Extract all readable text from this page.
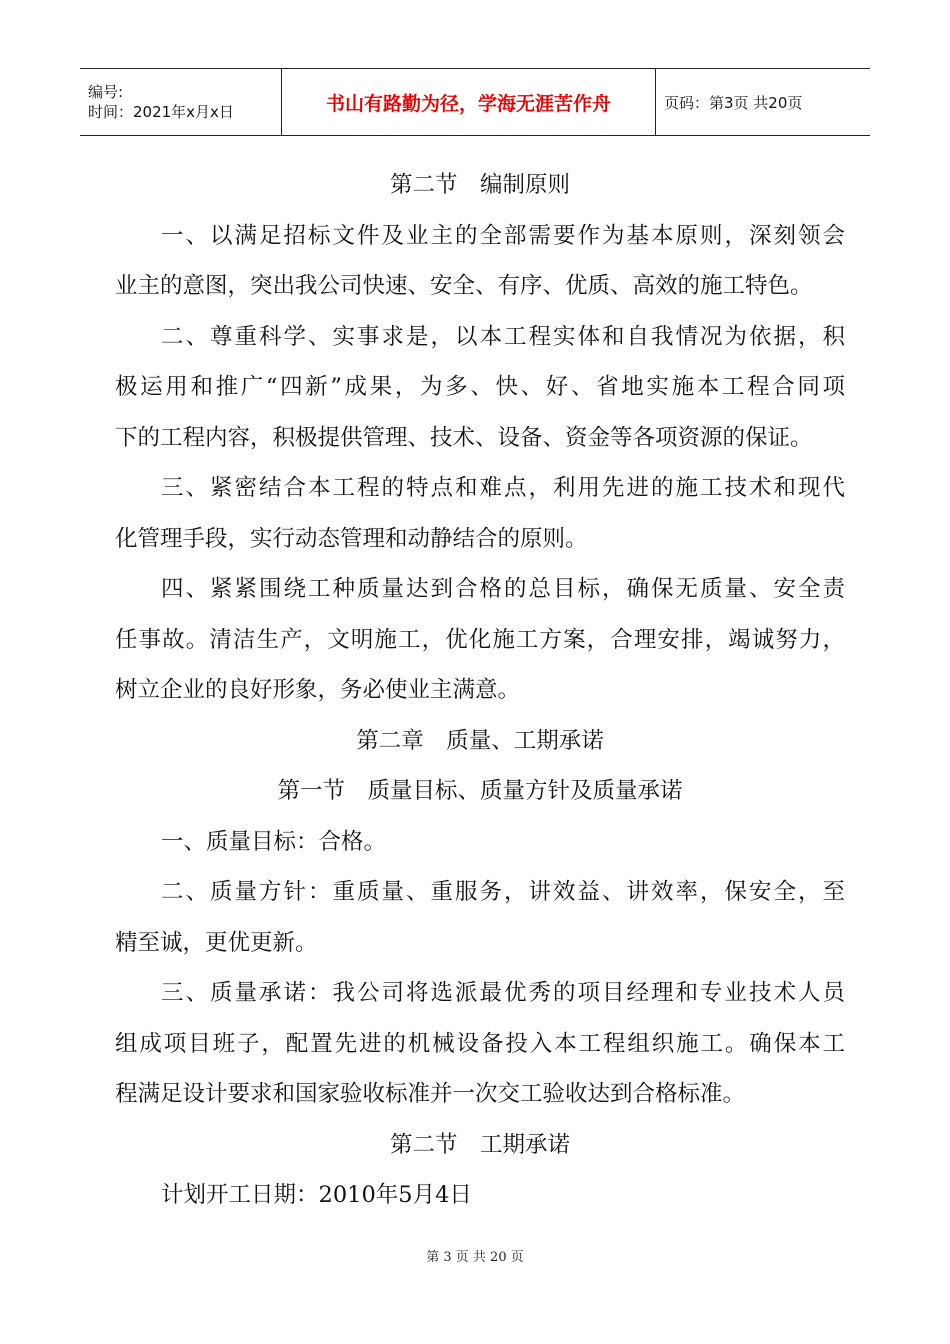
编号:
时间：2021年x月x日	书山有路勤为径，学海无涯苦作舟	页码：第3页 共20页
第二节　编制原则
一、以满足招标文件及业主的全部需要作为基本原则，深刻领会
业主的意图，突出我公司快速、安全、有序、优质、高效的施工特色。
二、尊重科学、实事求是，以本工程实体和自我情况为依据，积
极运用和推广“四新”成果，为多、快、好、省地实施本工程合同项
下的工程内容，积极提供管理、技术、设备、资金等各项资源的保证。
三、紧密结合本工程的特点和难点，利用先进的施工技术和现代
化管理手段，实行动态管理和动静结合的原则。
四、紧紧围绕工种质量达到合格的总目标，确保无质量、安全责
任事故。清洁生产，文明施工，优化施工方案，合理安排，竭诚努力，
树立企业的良好形象，务必使业主满意。
第二章　质量、工期承诺
第一节　质量目标、质量方针及质量承诺
一、质量目标：合格。
二、质量方针：重质量、重服务，讲效益、讲效率，保安全，至
精至诚，更优更新。
三、质量承诺：我公司将选派最优秀的项目经理和专业技术人员
组成项目班子，配置先进的机械设备投入本工程组织施工。确保本工
程满足设计要求和国家验收标准并一次交工验收达到合格标准。
第二节　工期承诺
计划开工日期：2010年5月4日
第 3 页 共 20 页
